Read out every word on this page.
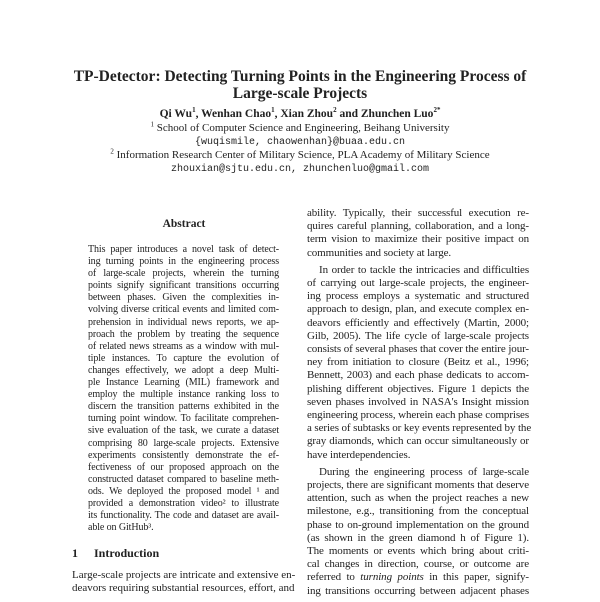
TP-Detector: Detecting Turning Points in the Engineering Process of
Large-scale Projects
Qi Wu$^1$, Wenhan Chao$^1$, Xian Zhou$^2$ and Zhunchen Luo$^{2*}$
$^1$ School of Computer Science and Engineering, Beihang University
{wuqismile, chaowenhan}@buaa.edu.cn
$^2$ Information Research Center of Military Science, PLA Academy of Military Science
zhouxian@sjtu.edu.cn, zhunchenluo@gmail.com
Abstract
This paper introduces a novel task of detect-
ing turning points in the engineering process
of large-scale projects, wherein the turning
points signify significant transitions occurring
between phases. Given the complexities in-
volving diverse critical events and limited com-
prehension in individual news reports, we ap-
proach the problem by treating the sequence
of related news streams as a window with mul-
tiple instances. To capture the evolution of
changes effectively, we adopt a deep Multi-
ple Instance Learning (MIL) framework and
employ the multiple instance ranking loss to
discern the transition patterns exhibited in the
turning point window. To facilitate comprehen-
sive evaluation of the task, we curate a dataset
comprising 80 large-scale projects. Extensive
experiments consistently demonstrate the ef-
fectiveness of our proposed approach on the
constructed dataset compared to baseline meth-
ods. We deployed the proposed model ¹ and
provided a demonstration video² to illustrate
its functionality. The code and dataset are avail-
able on GitHub³.
1 Introduction
Large-scale projects are intricate and extensive en-
deavors requiring substantial resources, effort, and
ability. Typically, their successful execution re-
quires careful planning, collaboration, and a long-
term vision to maximize their positive impact on
communities and society at large.
In order to tackle the intricacies and difficulties
of carrying out large-scale projects, the engineer-
ing process employs a systematic and structured
approach to design, plan, and execute complex en-
deavors efficiently and effectively (Martin, 2000;
Gilb, 2005). The life cycle of large-scale projects
consists of several phases that cover the entire jour-
ney from initiation to closure (Beitz et al., 1996;
Bennett, 2003) and each phase dedicats to accom-
plishing different objectives. Figure 1 depicts the
seven phases involved in NASA's Insight mission
engineering process, wherein each phase comprises
a series of subtasks or key events represented by the
gray diamonds, which can occur simultaneously or
have interdependencies.
During the engineering process of large-scale
projects, there are significant moments that deserve
attention, such as when the project reaches a new
milestone, e.g., transitioning from the conceptual
phase to on-ground implementation on the ground
(as shown in the green diamond h of Figure 1).
The moments or events which bring about criti-
cal changes in direction, course, or outcome are
referred to turning points in this paper, signify-
ing transitions occurring between adjacent phases
